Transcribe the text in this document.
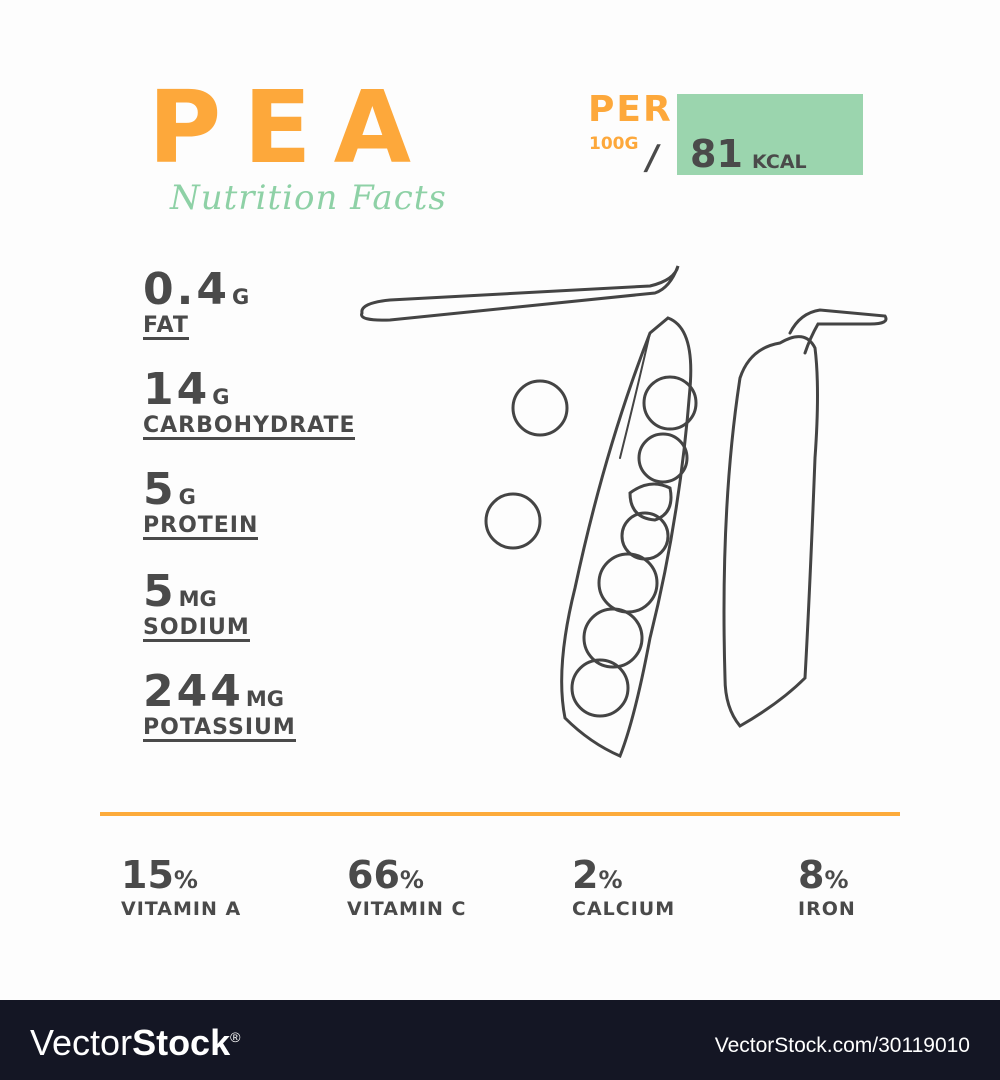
PEA
Nutrition Facts
PER
100G / 81 KCAL
0.4G
FAT
14G
CARBOHYDRATE
5G
PROTEIN
5MG
SODIUM
244MG
POTASSIUM
15%
VITAMIN A
66%
VITAMIN C
2%
CALCIUM
8%
IRON
VectorStock®	VectorStock.com/30119010
